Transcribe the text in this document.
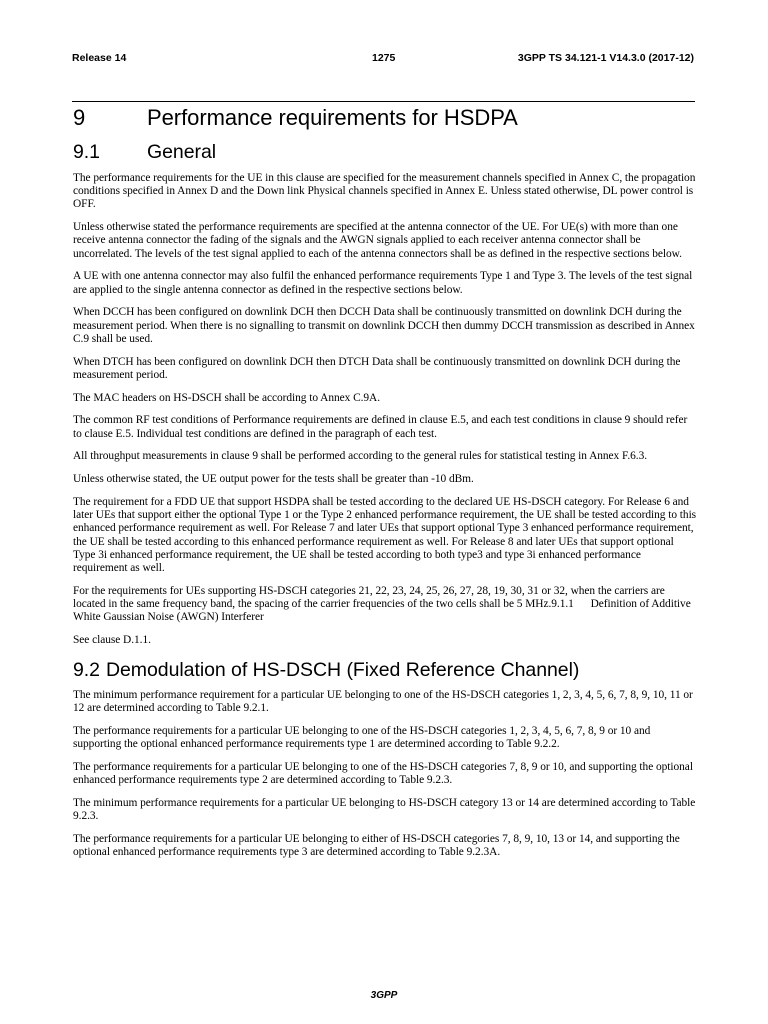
Release 14	1275	3GPP TS 34.121-1 V14.3.0 (2017-12)
9	Performance requirements for HSDPA
9.1	General

The performance requirements for the UE in this clause are specified for the measurement channels specified in Annex C, the propagation conditions specified in Annex D and the Down link Physical channels specified in Annex E. Unless stated otherwise, DL power control is OFF.

Unless otherwise stated the performance requirements are specified at the antenna connector of the UE. For UE(s) with more than one receive antenna connector the fading of the signals and the AWGN signals applied to each receiver antenna connector shall be uncorrelated. The levels of the test signal applied to each of the antenna connectors shall be as defined in the respective sections below.

A UE with one antenna connector may also fulfil the enhanced performance requirements Type 1 and Type 3. The levels of the test signal are applied to the single antenna connector as defined in the respective sections below.

When DCCH has been configured on downlink DCH then DCCH Data shall be continuously transmitted on downlink DCH during the measurement period. When there is no signalling to transmit on downlink DCCH then dummy DCCH transmission as described in Annex C.9 shall be used.

When DTCH has been configured on downlink DCH then DTCH Data shall be continuously transmitted on downlink DCH during the measurement period.

The MAC headers on HS-DSCH shall be according to Annex C.9A.

The common RF test conditions of Performance requirements are defined in clause E.5, and each test conditions in clause 9 should refer to clause E.5. Individual test conditions are defined in the paragraph of each test.

All throughput measurements in clause 9 shall be performed according to the general rules for statistical testing in Annex F.6.3.

Unless otherwise stated, the UE output power for the tests shall be greater than -10 dBm.

The requirement for a FDD UE that support HSDPA shall be tested according to the declared UE HS-DSCH category. For Release 6 and later UEs that support either the optional Type 1 or the Type 2 enhanced performance requirement, the UE shall be tested according to this enhanced performance requirement as well. For Release 7 and later UEs that support optional Type 3 enhanced performance requirement, the UE shall be tested according to this enhanced performance requirement as well. For Release 8 and later UEs that support optional Type 3i enhanced performance requirement, the UE shall be tested according to both type3 and type 3i enhanced performance requirement as well.

For the requirements for UEs supporting HS-DSCH categories 21, 22, 23, 24, 25, 26, 27, 28, 19, 30, 31 or 32, when the carriers are located in the same frequency band, the spacing of the carrier frequencies of the two cells shall be 5 MHz.9.1.1      Definition of Additive White Gaussian Noise (AWGN) Interferer

See clause D.1.1.

9.2 Demodulation of HS-DSCH (Fixed Reference Channel)

The minimum performance requirement for a particular UE belonging to one of the HS-DSCH categories 1, 2, 3, 4, 5, 6, 7, 8, 9, 10, 11 or 12 are determined according to Table 9.2.1.

The performance requirements for a particular UE belonging to one of the HS-DSCH categories 1, 2, 3, 4, 5, 6, 7, 8, 9 or 10 and supporting the optional enhanced performance requirements type 1 are determined according to Table 9.2.2.

The performance requirements for a particular UE belonging to one of the HS-DSCH categories 7, 8, 9 or 10, and supporting the optional enhanced performance requirements type 2 are determined according to Table 9.2.3.

The minimum performance requirements for a particular UE belonging to HS-DSCH category 13 or 14 are determined according to Table 9.2.3.

The performance requirements for a particular UE belonging to either of HS-DSCH categories 7, 8, 9, 10, 13 or 14, and supporting the optional enhanced performance requirements type 3 are determined according to Table 9.2.3A.

3GPP
